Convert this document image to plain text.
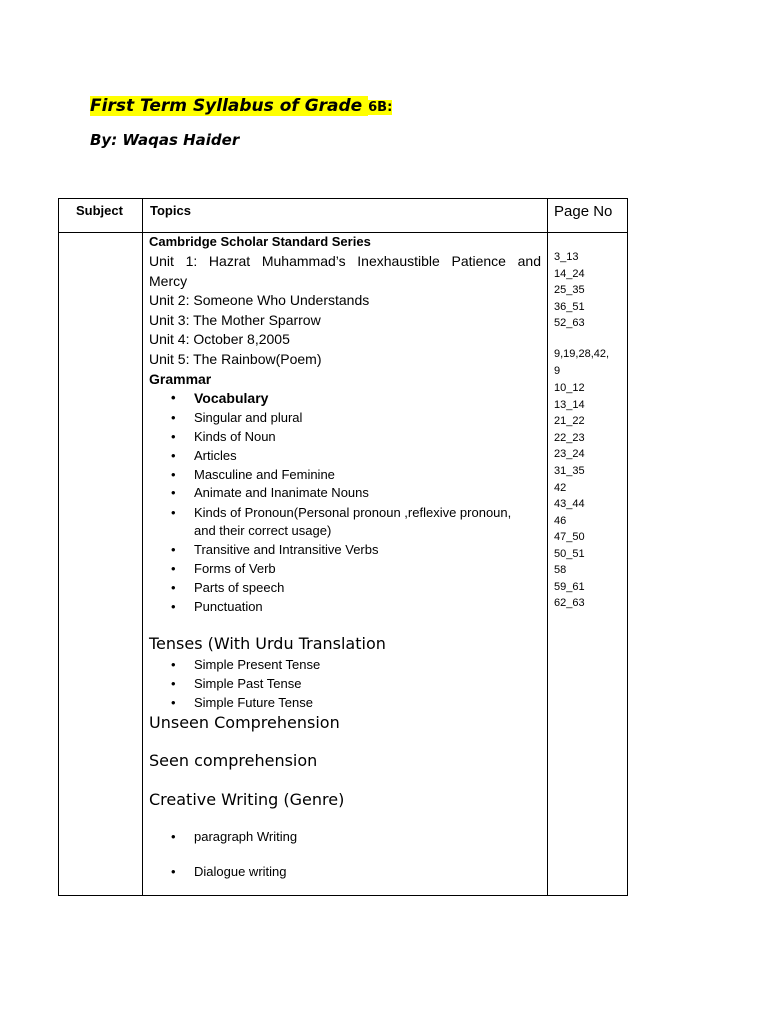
First Term Syllabus of Grade 6B:
By: Waqas Haider
Subject Topics	Page No
Cambridge Scholar Standard Series
Unit 1: Hazrat Muhammad’s Inexhaustible Patience and
Mercy
Unit 2: Someone Who Understands
Unit 3: The Mother Sparrow
Unit 4: October 8,2005
Unit 5: The Rainbow(Poem)
Grammar
• Vocabulary
• Singular and plural
• Kinds of Noun
• Articles
• Masculine and Feminine
• Animate and Inanimate Nouns
• Kinds of Pronoun(Personal pronoun ,reflexive pronoun,
and their correct usage)
• Transitive and Intransitive Verbs
• Forms of Verb
• Parts of speech
• Punctuation
Tenses (With Urdu Translation
• Simple Present Tense
• Simple Past Tense
• Simple Future Tense
Unseen Comprehension
Seen comprehension
Creative Writing (Genre)
• paragraph Writing
• Dialogue writing
3_13
14_24
25_35
36_51
52_63
9,19,28,42,
9
10_12
13_14
21_22
22_23
23_24
31_35
42
43_44
46
47_50
50_51
58
59_61
62_63
